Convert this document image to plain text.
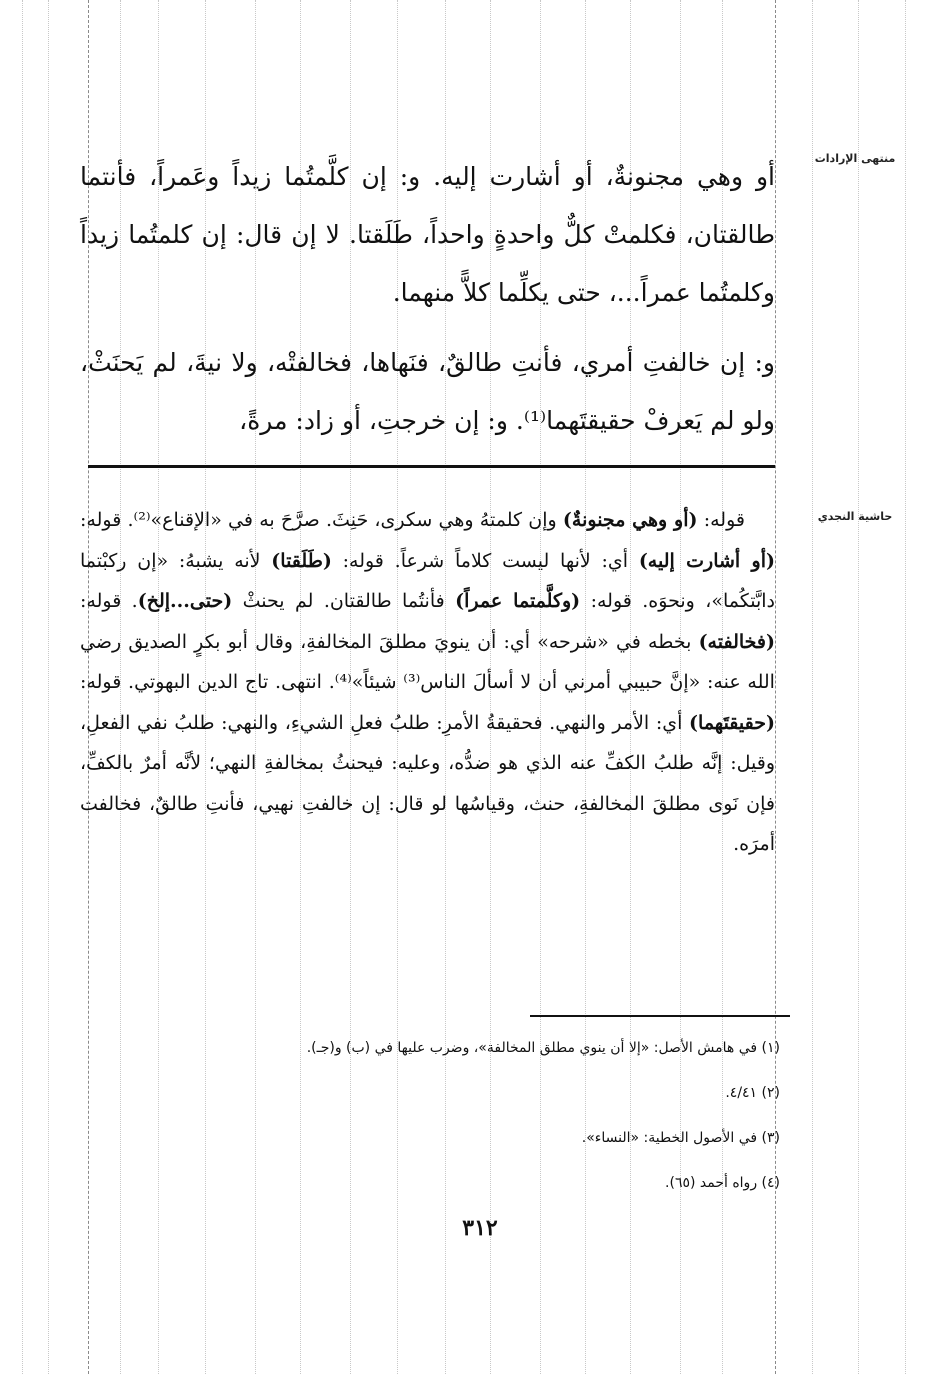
منتهى الإرادات

أو وهي مجنونةٌ، أو أشارت إليه. و: إن كلَّمتُما زيداً وعَمراً، فأنتما طالقتان، فكلمتْ كلٌّ واحدةٍ واحداً، طَلَقتا. لا إن قال: إن كلمتُما زيداً وكلمتُما عمراً...، حتى يكلِّما كلاًّ منهما.

و: إن خالفتِ أمري، فأنتِ طالقٌ، فنَهاها، فخالفتْه، ولا نيةَ، لم يَحنَثْ، ولو لم يَعرفْ حقيقتَهما⁽¹⁾. و: إن خرجتِ، أو زاد: مرةً،

حاشية النجدي

قوله: (أو وهي مجنونةٌ) وإن كلمتهُ وهي سكرى، حَنِثَ. صرَّحَ به في «الإقناع»⁽²⁾. قوله: (أو أشارت إليه) أي: لأنها ليست كلاماً شرعاً. قوله: (طَلَقتا) لأنه يشبهُ: «إن ركبْتما دابَّتكُما»، ونحوَه. قوله: (وكلَّمتما عمراً) فأنتُما طالقتان. لم يحنثْ (حتى...إلخ). قوله: (فخالفته) بخطه في «شرحه» أي: أن ينويَ مطلقَ المخالفةِ، وقال أبو بكرٍ الصديق رضي الله عنه: «إنَّ حبيبي أمرني أن لا أسألَ الناس⁽³⁾ شيئاً»⁽⁴⁾. انتهى. تاج الدين البهوتي. قوله: (حقيقتَهما) أي: الأمر والنهي. فحقيقةُ الأمرِ: طلبُ فعلِ الشيءِ، والنهي: طلبُ نفي الفعلِ، وقيل: إنَّه طلبُ الكفِّ عنه الذي هو ضدُّه، وعليه: فيحنثُ بمخالفةِ النهي؛ لأنَّه أمرٌ بالكفِّ، فإن نَوى مطلقَ المخالفةِ، حنث، وقياسُها لو قال: إن خالفتِ نهيي، فأنتِ طالقٌ، فخالفت أمرَه.

(١) في هامش الأصل: «إلا أن ينوي مطلق المخالفة»، وضرب عليها في (ب) و(جـ).
(٢) ٤/٤١.
(٣) في الأصول الخطية: «النساء».
(٤) رواه أحمد (٦٥).
٣١٢
